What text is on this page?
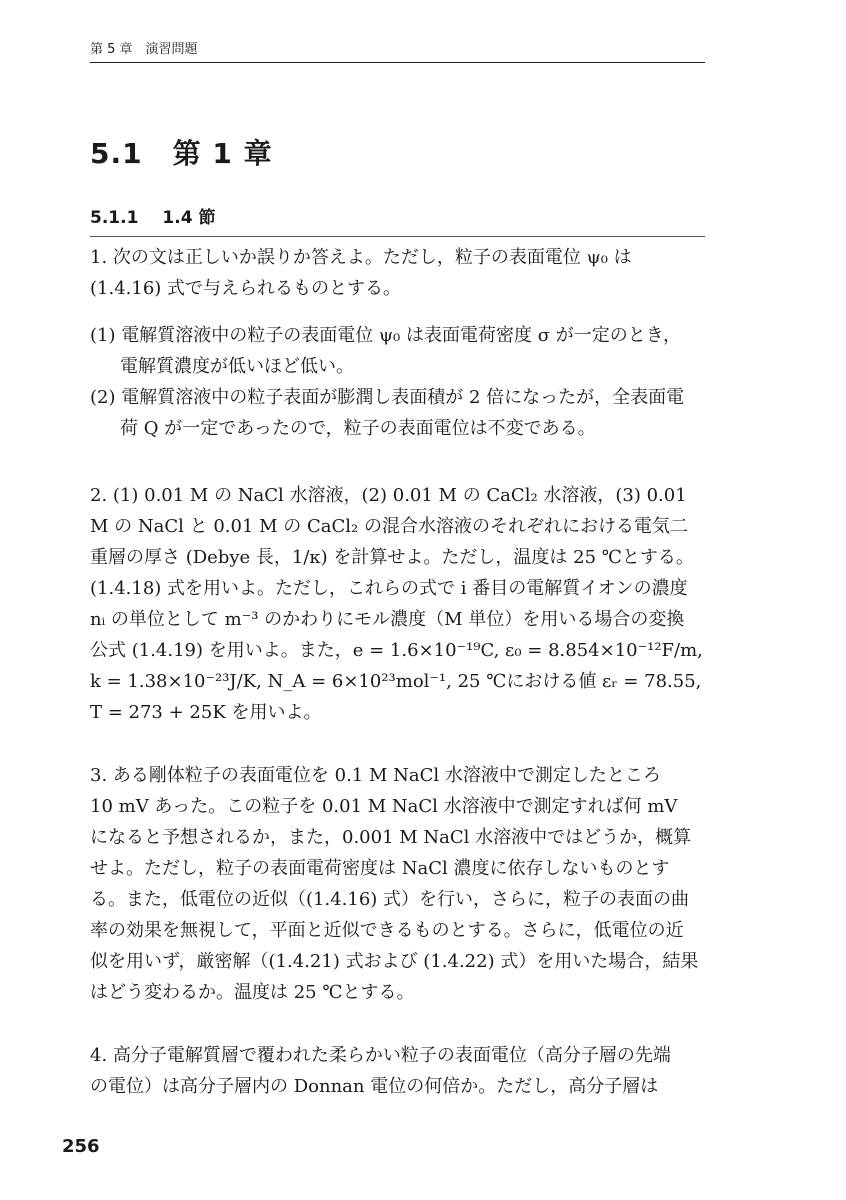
第 5 章　演習問題
5.1 第 1 章
5.1.1 1.4 節
1. 次の文は正しいか誤りか答えよ。ただし，粒子の表面電位 ψ₀ は
(1.4.16) 式で与えられるものとする。
(1) 電解質溶液中の粒子の表面電位 ψ₀ は表面電荷密度 σ が一定のとき，
電解質濃度が低いほど低い。
(2) 電解質溶液中の粒子表面が膨潤し表面積が 2 倍になったが，全表面電
荷 Q が一定であったので，粒子の表面電位は不変である。
2. (1) 0.01 M の NaCl 水溶液，(2) 0.01 M の CaCl₂ 水溶液，(3) 0.01
M の NaCl と 0.01 M の CaCl₂ の混合水溶液のそれぞれにおける電気二
重層の厚さ (Debye 長，1/κ) を計算せよ。ただし，温度は 25 ℃とする。
(1.4.18) 式を用いよ。ただし，これらの式で i 番目の電解質イオンの濃度
nᵢ の単位として m⁻³ のかわりにモル濃度（M 単位）を用いる場合の変換
公式 (1.4.19) を用いよ。また，e = 1.6×10⁻¹⁹C, ε₀ = 8.854×10⁻¹²F/m,
k = 1.38×10⁻²³J/K, N_A = 6×10²³mol⁻¹, 25 ℃における値 εᵣ = 78.55,
T = 273 + 25K を用いよ。
3. ある剛体粒子の表面電位を 0.1 M NaCl 水溶液中で測定したところ
10 mV あった。この粒子を 0.01 M NaCl 水溶液中で測定すれば何 mV
になると予想されるか，また，0.001 M NaCl 水溶液中ではどうか，概算
せよ。ただし，粒子の表面電荷密度は NaCl 濃度に依存しないものとす
る。また，低電位の近似（(1.4.16) 式）を行い，さらに，粒子の表面の曲
率の効果を無視して，平面と近似できるものとする。さらに，低電位の近
似を用いず，厳密解（(1.4.21) 式および (1.4.22) 式）を用いた場合，結果
はどう変わるか。温度は 25 ℃とする。
4. 高分子電解質層で覆われた柔らかい粒子の表面電位（高分子層の先端
の電位）は高分子層内の Donnan 電位の何倍か。ただし，高分子層は
256
